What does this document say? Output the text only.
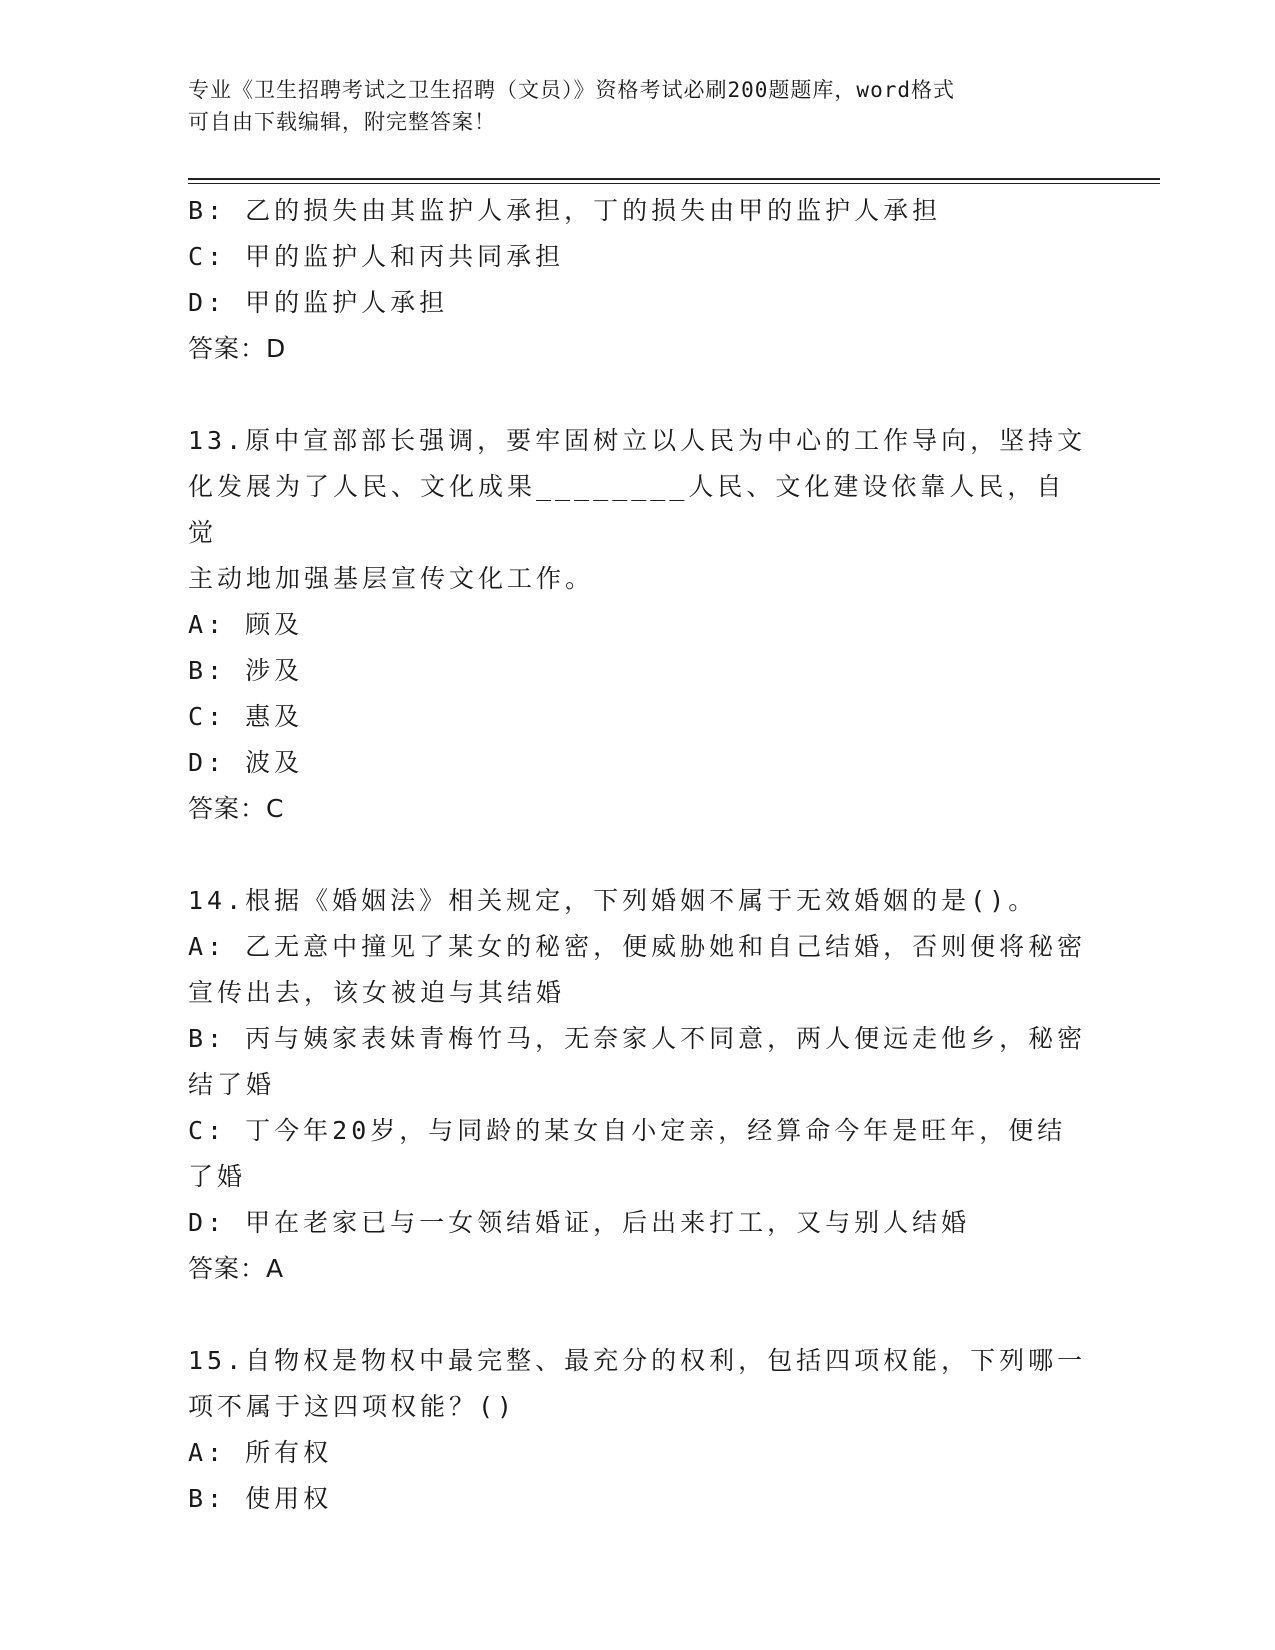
专业《卫生招聘考试之卫生招聘（文员）》资格考试必刷200题题库，word格式
可自由下载编辑，附完整答案！

B: 乙的损失由其监护人承担，丁的损失由甲的监护人承担

C: 甲的监护人和丙共同承担

D: 甲的监护人承担

答案：D

13.原中宣部部长强调，要牢固树立以人民为中心的工作导向，坚持文

化发展为了人民、文化成果________人民、文化建设依靠人民，自觉

主动地加强基层宣传文化工作。

A: 顾及

B: 涉及

C: 惠及

D: 波及

答案：C

14.根据《婚姻法》相关规定，下列婚姻不属于无效婚姻的是()。

A: 乙无意中撞见了某女的秘密，便威胁她和自己结婚，否则便将秘密

宣传出去，该女被迫与其结婚

B: 丙与姨家表妹青梅竹马，无奈家人不同意，两人便远走他乡，秘密

结了婚

C: 丁今年20岁，与同龄的某女自小定亲，经算命今年是旺年，便结

了婚

D: 甲在老家已与一女领结婚证，后出来打工，又与别人结婚

答案：A

15.自物权是物权中最完整、最充分的权利，包括四项权能，下列哪一

项不属于这四项权能？()

A: 所有权

B: 使用权
